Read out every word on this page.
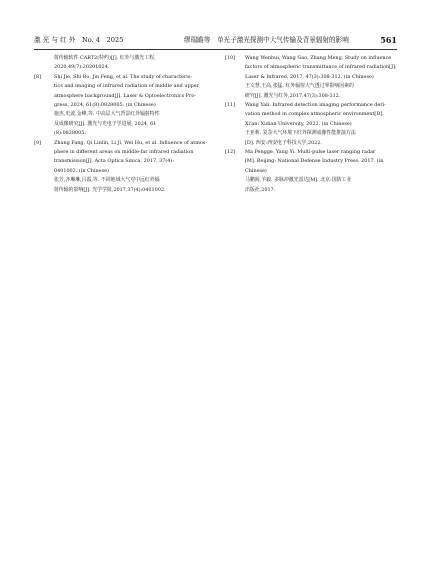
激 光 与 红 外　No. 4　2025	缪瑞瞻等　单光子激光探测中大气传输及背景辐射的影响	561
射传输软件 CART2(特约)[J]. 红外与激光工程,
2020,49(7):20201024.
[8]	Shi Jie, Shi Bo, Jin Feng, et al. The study of characteris-
tics and imaging of infrared radiation of middle and upper
atmosphere background[J]. Laser & Optoelectronics Pro-
gress, 2024, 61(8):0828005. (in Chinese)
施杰,史波,金峰,等. 中高层大气背景红外辐射特性
及成像研究[J]. 激光与光电子学进展, 2024, 61
(8):0828005.
[9]	Zhang Fang, Qi Linlin, Li Ji, Wei Hu, et al. Influence of atmos-
phere in different areas on middle-far infrared radiation
transmission[J]. Acta Optica Sinica, 2017, 37(4):
0401002. (in Chinese)
张芳,齐琳琳,吕霞,等. 不同地域大气对中远红外辐
射传输的影响[J]. 光学学报,2017,37(4):0401002.
[10]	Wang Wenhui, Wang Gao, Zhang Meng. Study on influence
factors of atmospheric transmittance of infrared radiation[J].
Laser & Infrared, 2017, 47(3):308-312. (in Chinese)
王文慧,王高,张猛. 红外辐射大气透过率影响因素的
研究[J]. 激光与红外,2017,47(3):308-312.
[11]	Wang Yali. Infrared detection imaging performance deri-
vation method in complex atmospheric environment[D].
Xi'an: Xidian University, 2022. (in Chinese)
王亚莉. 复杂大气环境下红外探测成像性能推演方法
[D]. 西安:西安电子科技大学,2022.
[12]	Ma Pengge, Yang Yi. Multi-pulse laser ranging radar
[M]. Beijing: National Defense Industry Press, 2017. (in
Chinese)
马鹏阁,羊毅. 多脉冲激光雷达[M]. 北京:国防工业
出版社,2017.
